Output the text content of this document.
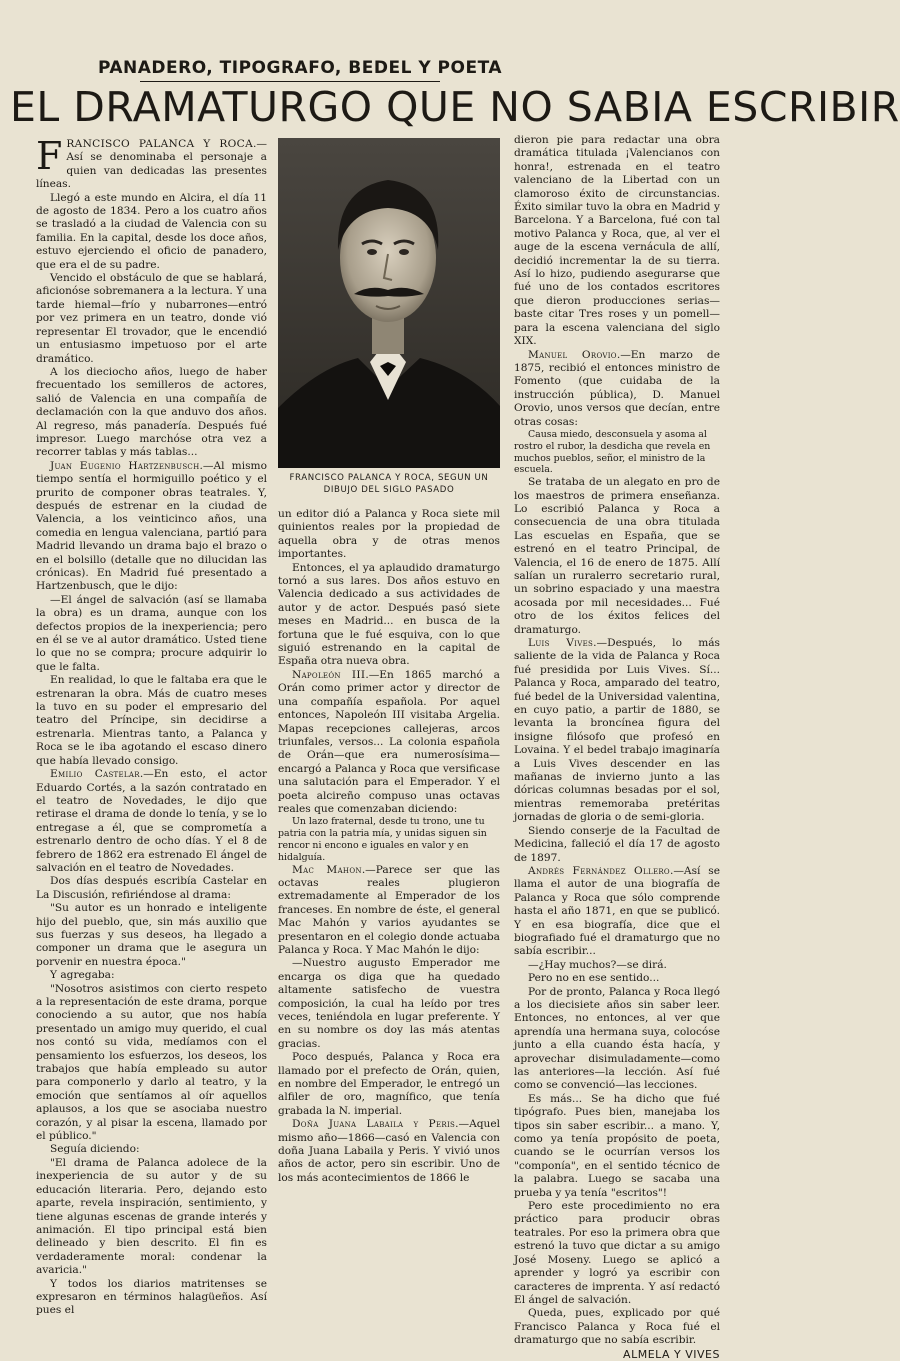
PANADERO, TIPOGRAFO, BEDEL Y POETA
EL DRAMATURGO QUE NO SABIA ESCRIBIR

FRANCISCO PALANCA Y ROCA.—Así se denominaba el personaje a quien van dedicadas las presentes líneas.

Llegó a este mundo en Alcira, el día 11 de agosto de 1834. Pero a los cuatro años se trasladó a la ciudad de Valencia con su familia. En la capital, desde los doce años, estuvo ejerciendo el oficio de panadero, que era el de su padre.

Vencido el obstáculo de que se hablará, aficionóse sobremanera a la lectura. Y una tarde hiemal—frío y nubarrones—entró por vez primera en un teatro, donde vió representar El trovador, que le encendió un entusiasmo impetuoso por el arte dramático.

A los dieciocho años, luego de haber frecuentado los semilleros de actores, salió de Valencia en una compañía de declamación con la que anduvo dos años. Al regreso, más panadería. Después fué impresor. Luego marchóse otra vez a recorrer tablas y más tablas...

Juan Eugenio Hartzenbusch.—Al mismo tiempo sentía el hormiguillo poético y el prurito de componer obras teatrales. Y, después de estrenar en la ciudad de Valencia, a los veinticinco años, una comedia en lengua valenciana, partió para Madrid llevando un drama bajo el brazo o en el bolsillo (detalle que no dilucidan las crónicas). En Madrid fué presentado a Hartzenbusch, que le dijo:

—El ángel de salvación (así se llamaba la obra) es un drama, aunque con los defectos propios de la inexperiencia; pero en él se ve al autor dramático. Usted tiene lo que no se compra; procure adquirir lo que le falta.

En realidad, lo que le faltaba era que le estrenaran la obra. Más de cuatro meses la tuvo en su poder el empresario del teatro del Príncipe, sin decidirse a estrenarla. Mientras tanto, a Palanca y Roca se le iba agotando el escaso dinero que había llevado consigo.

Emilio Castelar.—En esto, el actor Eduardo Cortés, a la sazón contratado en el teatro de Novedades, le dijo que retirase el drama de donde lo tenía, y se lo entregase a él, que se comprometía a estrenarlo dentro de ocho días. Y el 8 de febrero de 1862 era estrenado El ángel de salvación en el teatro de Novedades.

Dos días después escribía Castelar en La Discusión, refiriéndose al drama:

"Su autor es un honrado e inteligente hijo del pueblo, que, sin más auxilio que sus fuerzas y sus deseos, ha llegado a componer un drama que le asegura un porvenir en nuestra época."

Y agregaba:

"Nosotros asistimos con cierto respeto a la representación de este drama, porque conociendo a su autor, que nos había presentado un amigo muy querido, el cual nos contó su vida, medíamos con el pensamiento los esfuerzos, los deseos, los trabajos que había empleado su autor para componerlo y darlo al teatro, y la emoción que sentíamos al oír aquellos aplausos, a los que se asociaba nuestro corazón, y al pisar la escena, llamado por el público."

Seguía diciendo:

"El drama de Palanca adolece de la inexperiencia de su autor y de su educación literaria. Pero, dejando esto aparte, revela inspiración, sentimiento, y tiene algunas escenas de grande interés y animación. El tipo principal está bien delineado y bien descrito. El fin es verdaderamente moral: condenar la avaricia."

Y todos los diarios matritenses se expresaron en términos halagüeños. Así pues el

FRANCISCO PALANCA Y ROCA, SEGUN UN DIBUJO DEL SIGLO PASADO

un editor dió a Palanca y Roca siete mil quinientos reales por la propiedad de aquella obra y de otras menos importantes.

Entonces, el ya aplaudido dramaturgo tornó a sus lares. Dos años estuvo en Valencia dedicado a sus actividades de autor y de actor. Después pasó siete meses en Madrid... en busca de la fortuna que le fué esquiva, con lo que siguió estrenando en la capital de España otra nueva obra.

Napoleón III.—En 1865 marchó a Orán como primer actor y director de una compañía española. Por aquel entonces, Napoleón III visitaba Argelia. Mapas recepciones callejeras, arcos triunfales, versos... La colonia española de Orán—que era numerosísima—encargó a Palanca y Roca que versificase una salutación para el Emperador. Y el poeta alcireño compuso unas octavas reales que comenzaban diciendo:

Un lazo fraternal, desde tu trono, une tu patria con la patria mía, y unidas siguen sin rencor ni encono e iguales en valor y en hidalguía.

Mac Mahon.—Parece ser que las octavas reales plugieron extremadamente al Emperador de los franceses. En nombre de éste, el general Mac Mahón y varios ayudantes se presentaron en el colegio donde actuaba Palanca y Roca. Y Mac Mahón le dijo:

—Nuestro augusto Emperador me encarga os diga que ha quedado altamente satisfecho de vuestra composición, la cual ha leído por tres veces, teniéndola en lugar preferente. Y en su nombre os doy las más atentas gracias.

Poco después, Palanca y Roca era llamado por el prefecto de Orán, quien, en nombre del Emperador, le entregó un alfiler de oro, magnífico, que tenía grabada la N. imperial.

Doña Juana Labaila y Peris.—Aquel mismo año—1866—casó en Valencia con doña Juana Labaila y Peris. Y vivió unos años de actor, pero sin escribir. Uno de los más acontecimientos de 1866 le

dieron pie para redactar una obra dramática titulada ¡Valencianos con honra!, estrenada en el teatro valenciano de la Libertad con un clamoroso éxito de circunstancias. Éxito similar tuvo la obra en Madrid y Barcelona. Y a Barcelona, fué con tal motivo Palanca y Roca, que, al ver el auge de la escena vernácula de allí, decidió incrementar la de su tierra. Así lo hizo, pudiendo asegurarse que fué uno de los contados escritores que dieron producciones serias—baste citar Tres roses y un pomell—para la escena valenciana del siglo XIX.

Manuel Orovio.—En marzo de 1875, recibió el entonces ministro de Fomento (que cuidaba de la instrucción pública), D. Manuel Orovio, unos versos que decían, entre otras cosas:

Causa miedo, desconsuela y asoma al rostro el rubor, la desdicha que revela en muchos pueblos, señor, el ministro de la escuela.

Se trataba de un alegato en pro de los maestros de primera enseñanza. Lo escribió Palanca y Roca a consecuencia de una obra titulada Las escuelas en España, que se estrenó en el teatro Principal, de Valencia, el 16 de enero de 1875. Allí salían un ruralerro secretario rural, un sobrino espaciado y una maestra acosada por mil necesidades... Fué otro de los éxitos felices del dramaturgo.

Luis Vives.—Después, lo más saliente de la vida de Palanca y Roca fué presidida por Luis Vives. Sí... Palanca y Roca, amparado del teatro, fué bedel de la Universidad valentina, en cuyo patio, a partir de 1880, se levanta la broncínea figura del insigne filósofo que profesó en Lovaina. Y el bedel trabajo imaginaría a Luis Vives descender en las mañanas de invierno junto a las dóricas columnas besadas por el sol, mientras rememoraba pretéritas jornadas de gloria o de semi-gloria.

Siendo conserje de la Facultad de Medicina, falleció el día 17 de agosto de 1897.

Andrés Fernández Ollero.—Así se llama el autor de una biografía de Palanca y Roca que sólo comprende hasta el año 1871, en que se publicó. Y en esa biografía, dice que el biografiado fué el dramaturgo que no sabía escribir...

—¿Hay muchos?—se dirá.

Pero no en ese sentido...

Por de pronto, Palanca y Roca llegó a los diecisiete años sin saber leer. Entonces, no entonces, al ver que aprendía una hermana suya, colocóse junto a ella cuando ésta hacía, y aprovechar disimuladamente—como las anteriores—la lección. Así fué como se convenció—las lecciones.

Es más... Se ha dicho que fué tipógrafo. Pues bien, manejaba los tipos sin saber escribir... a mano. Y, como ya tenía propósito de poeta, cuando se le ocurrían versos los "componía", en el sentido técnico de la palabra. Luego se sacaba una prueba y ya tenía "escritos"!

Pero este procedimiento no era práctico para producir obras teatrales. Por eso la primera obra que estrenó la tuvo que dictar a su amigo José Moseny. Luego se aplicó a aprender y logró ya escribir con caracteres de imprenta. Y así redactó El ángel de salvación.

Queda, pues, explicado por qué Francisco Palanca y Roca fué el dramaturgo que no sabía escribir.

ALMELA Y VIVES
